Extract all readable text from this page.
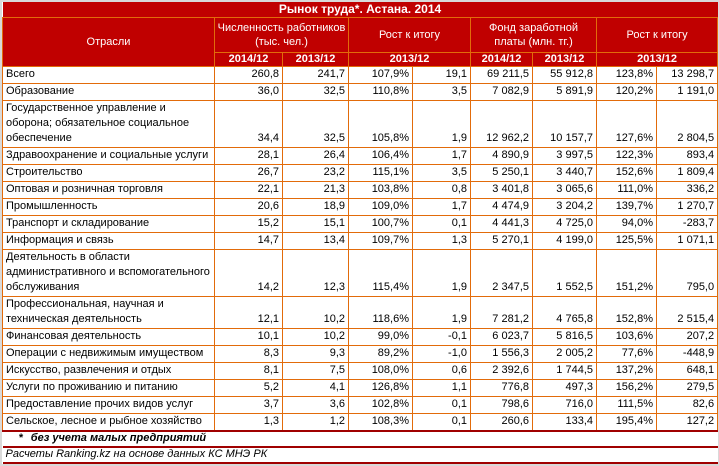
Рынок труда*. Астана. 2014								
Отрасли	Численность работников (тыс. чел.)		Рост к итогу		Фонд заработной платы (млн. тг.)		Рост к итогу	
	2014/12	2013/12	2013/12		2014/12	2013/12	2013/12	
Всего	260,8	241,7	107,9%	19,1	69 211,5	55 912,8	123,8%	13 298,7
Образование	36,0	32,5	110,8%	3,5	7 082,9	5 891,9	120,2%	1 191,0
Государственное управление и оборона; обязательное социальное обеспечение	34,4	32,5	105,8%	1,9	12 962,2	10 157,7	127,6%	2 804,5
Здравоохранение и социальные услуги	28,1	26,4	106,4%	1,7	4 890,9	3 997,5	122,3%	893,4
Строительство	26,7	23,2	115,1%	3,5	5 250,1	3 440,7	152,6%	1 809,4
Оптовая и розничная торговля	22,1	21,3	103,8%	0,8	3 401,8	3 065,6	111,0%	336,2
Промышленность	20,6	18,9	109,0%	1,7	4 474,9	3 204,2	139,7%	1 270,7
Транспорт и складирование	15,2	15,1	100,7%	0,1	4 441,3	4 725,0	94,0%	-283,7
Информация и связь	14,7	13,4	109,7%	1,3	5 270,1	4 199,0	125,5%	1 071,1
Деятельность в области административного и вспомогательного обслуживания	14,2	12,3	115,4%	1,9	2 347,5	1 552,5	151,2%	795,0
Профессиональная, научная и техническая деятельность	12,1	10,2	118,6%	1,9	7 281,2	4 765,8	152,8%	2 515,4
Финансовая деятельность	10,1	10,2	99,0%	-0,1	6 023,7	5 816,5	103,6%	207,2
Операции с недвижимым имуществом	8,3	9,3	89,2%	-1,0	1 556,3	2 005,2	77,6%	-448,9
Искусство, развлечения и отдых	8,1	7,5	108,0%	0,6	2 392,6	1 744,5	137,2%	648,1
Услуги по проживанию и питанию	5,2	4,1	126,8%	1,1	776,8	497,3	156,2%	279,5
Предоставление прочих видов услуг	3,7	3,6	102,8%	0,1	798,6	716,0	111,5%	82,6
Сельское, лесное и рыбное хозяйство	1,3	1,2	108,3%	0,1	260,6	133,4	195,4%	127,2
* без учета малых предприятий								
Расчеты Ranking.kz на основе данных КС МНЭ РК								
